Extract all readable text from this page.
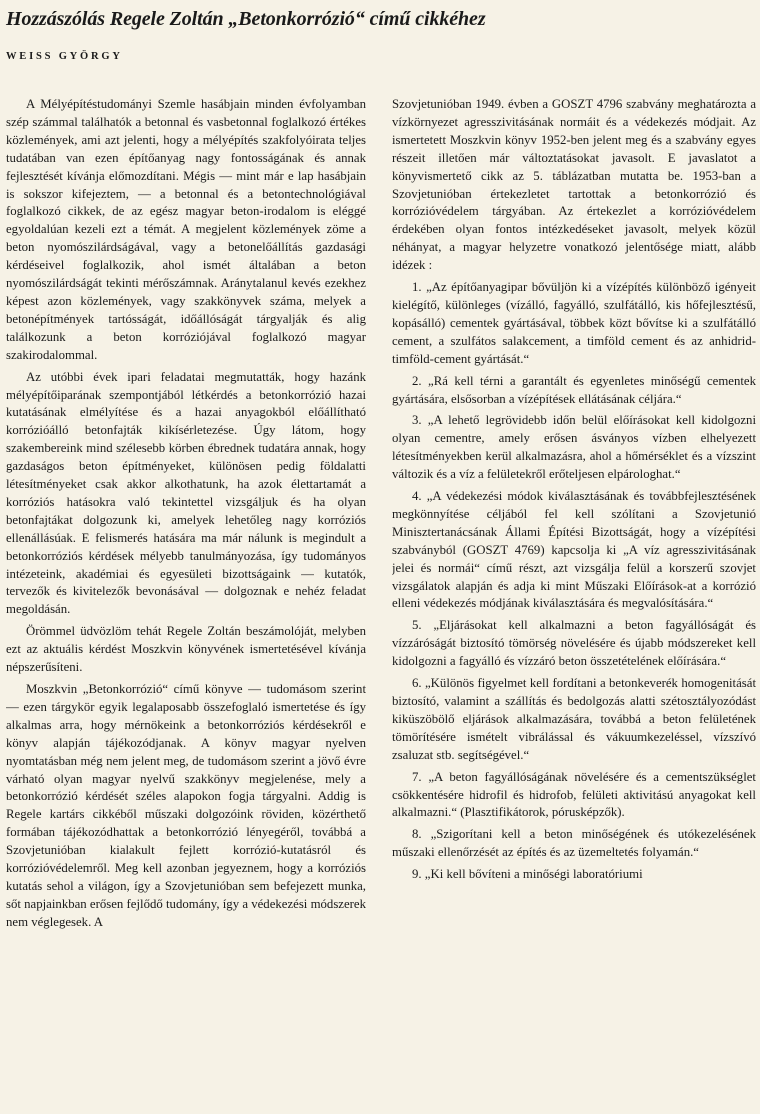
Hozzászólás Regele Zoltán „Betonkorrózió“ című cikkéhez
WEISS GYÖRGY

A Mélyépítéstudományi Szemle hasábjain minden évfolyamban szép számmal találhatók a betonnal és vasbetonnal foglalkozó értékes közlemények, ami azt jelenti, hogy a mélyépítés szakfolyóirata teljes tudatában van ezen építőanyag nagy fontosságának és annak fejlesztését kívánja előmozdítani. Mégis — mint már e lap hasábjain is sokszor kifejeztem, — a betonnal és a betontechnológiával foglalkozó cikkek, de az egész magyar beton-irodalom is eléggé egyoldalúan kezeli ezt a témát. A megjelent közlemények zöme a beton nyomószilárdságával, vagy a betonelőállítás gazdasági kérdéseivel foglalkozik, ahol ismét általában a beton nyomószilárdságát tekinti mérőszámnak. Aránytalanul kevés ezekhez képest azon közlemények, vagy szakkönyvek száma, melyek a betonépítmények tartósságát, időállóságát tárgyalják és alig találkozunk a beton korróziójával foglalkozó magyar szakirodalommal.

Az utóbbi évek ipari feladatai megmutatták, hogy hazánk mélyépítőiparának szempontjából létkérdés a betonkorrózió hazai kutatásának elmélyítése és a hazai anyagokból előállítható korrózióálló betonfajták kikísérletezése. Úgy látom, hogy szakembereink mind szélesebb körben ébrednek tudatára annak, hogy gazdaságos beton építményeket, különösen pedig földalatti létesítményeket csak akkor alkothatunk, ha azok élettartamát a korróziós hatásokra való tekintettel vizsgáljuk és ha olyan betonfajtákat dolgozunk ki, amelyek lehetőleg nagy korróziós ellenállásúak. E felismerés hatására ma már nálunk is megindult a betonkorróziós kérdések mélyebb tanulmányozása, így tudományos intézeteink, akadémiai és egyesületi bizottságaink — kutatók, tervezők és kivitelezők bevonásával — dolgoznak e nehéz feladat megoldásán.

Örömmel üdvözlöm tehát Regele Zoltán beszámolóját, melyben ezt az aktuális kérdést Moszkvin könyvének ismertetésével kívánja népszerűsíteni.

Moszkvin „Betonkorrózió“ című könyve — tudomásom szerint — ezen tárgykör egyik legalaposabb összefoglaló ismertetése és így alkalmas arra, hogy mérnökeink a betonkorróziós kérdésekről e könyv alapján tájékozódjanak. A könyv magyar nyelven nyomtatásban még nem jelent meg, de tudomásom szerint a jövő évre várható olyan magyar nyelvű szakkönyv megjelenése, mely a betonkorrózió kérdését széles alapokon fogja tárgyalni. Addig is Regele kartárs cikkéből műszaki dolgozóink röviden, közérthető formában tájékozódhattak a betonkorrózió lényegéről, továbbá a Szovjetunióban kialakult fejlett korrózió-kutatásról és korrózióvédelemről. Meg kell azonban jegyeznem, hogy a korróziós kutatás sehol a világon, így a Szovjetunióban sem befejezett munka, sőt napjainkban erősen fejlődő tudomány, így a védekezési módszerek nem véglegesek. A

Szovjetunióban 1949. évben a GOSZT 4796 szabvány meghatározta a vízkörnyezet agresszivitásának normáit és a védekezés módjait. Az ismertetett Moszkvin könyv 1952-ben jelent meg és a szabvány egyes részeit illetően már változtatásokat javasolt. E javaslatot a könyvismertető cikk az 5. táblázatban mutatta be. 1953-ban a Szovjetunióban értekezletet tartottak a betonkorrózió és korrózióvédelem tárgyában. Az értekezlet a korrózióvédelem érdekében olyan fontos intézkedéseket javasolt, melyek közül néhányat, a magyar helyzetre vonatkozó jelentősége miatt, alább idézek :

1. „Az építőanyagipar bővüljön ki a vízépítés különböző igényeit kielégítő, különleges (vízálló, fagyálló, szulfátálló, kis hőfejlesztésű, kopásálló) cementek gyártásával, többek közt bővítse ki a szulfátálló cement, a szulfátos salakcement, a timföld cement és az anhidrid-timföld-cement gyártását.“

2. „Rá kell térni a garantált és egyenletes minőségű cementek gyártására, elsősorban a vízépítések ellátásának céljára.“

3. „A lehető legrövidebb időn belül előírásokat kell kidolgozni olyan cementre, amely erősen ásványos vízben elhelyezett létesítményekben kerül alkalmazásra, ahol a hőmérséklet és a vízszint változik és a víz a felületekről erőteljesen elpárologhat.“

4. „A védekezési módok kiválasztásának és továbbfejlesztésének megkönnyítése céljából fel kell szólítani a Szovjetunió Minisztertanácsának Állami Építési Bizottságát, hogy a vízépítési szabványból (GOSZT 4769) kapcsolja ki „A víz agresszivitásának jelei és normái“ című részt, azt vizsgálja felül a korszerű szovjet vizsgálatok alapján és adja ki mint Műszaki Előírások-at a korrózió elleni védekezés módjának kiválasztására és megvalósítására.“

5. „Eljárásokat kell alkalmazni a beton fagyállóságát és vízzáróságát biztosító tömörség növelésére és újabb módszereket kell kidolgozni a fagyálló és vízzáró beton összetételének előírására.“

6. „Különös figyelmet kell fordítani a betonkeverék homogenitását biztosító, valamint a szállítás és bedolgozás alatti szétosztályozódást kiküszöbölő eljárások alkalmazására, továbbá a beton felületének tömörítésére ismételt vibrálással és vákuumkezeléssel, vízszívó zsaluzat stb. segítségével.“

7. „A beton fagyállóságának növelésére és a cementszükséglet csökkentésére hidrofil és hidrofob, felületi aktivitású anyagokat kell alkalmazni.“ (Plasztifikátorok, pórusképzők).

8. „Szigorítani kell a beton minőségének és utókezelésének műszaki ellenőrzését az építés és az üzemeltetés folyamán.“

9. „Ki kell bővíteni a minőségi laboratóriumi
